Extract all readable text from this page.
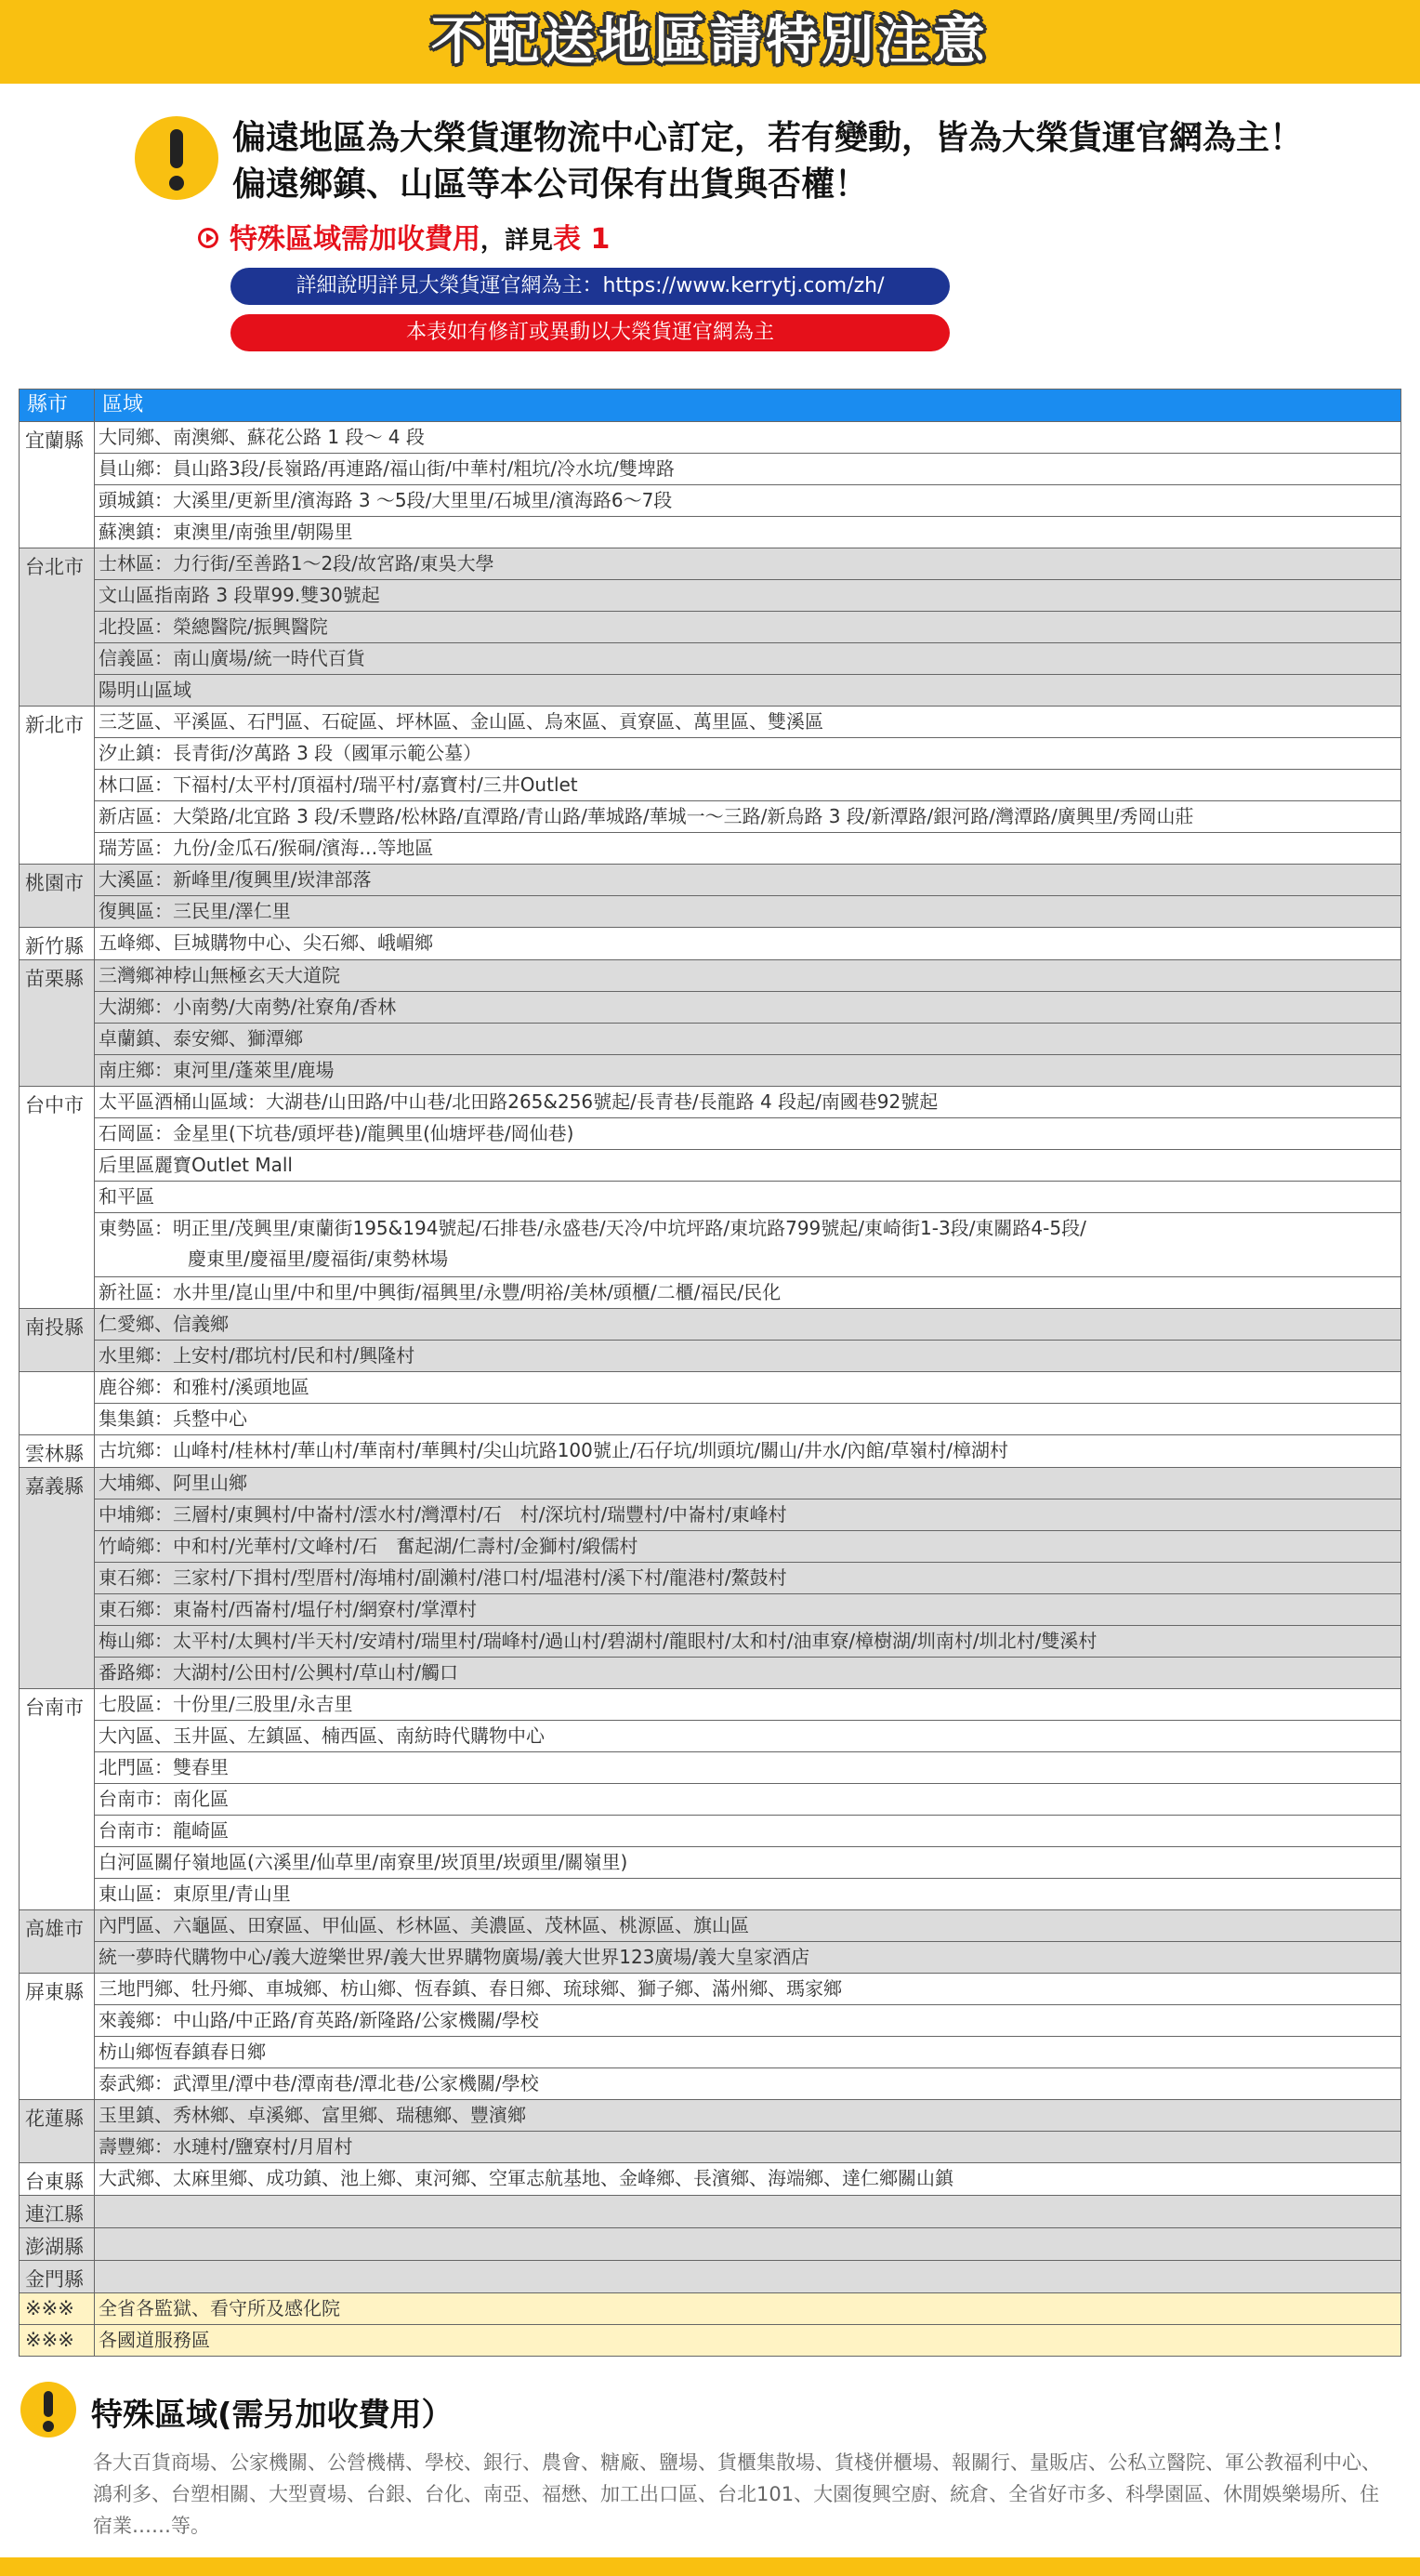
不配送地區請特別注意
偏遠地區為大榮貨運物流中心訂定，若有變動，皆為大榮貨運官網為主！
偏遠鄉鎮、山區等本公司保有出貨與否權！
特殊區域需加收費用，詳見表 1
詳細說明詳見大榮貨運官網為主：https://www.kerrytj.com/zh/
本表如有修訂或異動以大榮貨運官網為主
縣市	區域
宜蘭縣 大同鄉、南澳鄉、蘇花公路 1 段～ 4 段
員山鄉：員山路3段/長嶺路/再連路/福山街/中華村/粗坑/冷水坑/雙埤路
頭城鎮：大溪里/更新里/濱海路 3 ～5段/大里里/石城里/濱海路6～7段
蘇澳鎮：東澳里/南強里/朝陽里
台北市 士林區：力行街/至善路1～2段/故宮路/東吳大學
文山區指南路 3 段單99.雙30號起
北投區：榮總醫院/振興醫院
信義區：南山廣場/統一時代百貨
陽明山區域
新北市 三芝區、平溪區、石門區、石碇區、坪林區、金山區、烏來區、貢寮區、萬里區、雙溪區
汐止鎮：長青街/汐萬路 3 段（國軍示範公墓）
林口區：下福村/太平村/頂福村/瑞平村/嘉寶村/三井Outlet
新店區：大榮路/北宜路 3 段/禾豐路/松林路/直潭路/青山路/華城路/華城一～三路/新烏路 3 段/新潭路/銀河路/灣潭路/廣興里/秀岡山莊
瑞芳區：九份/金瓜石/猴硐/濱海…等地區
桃園市 大溪區：新峰里/復興里/崁津部落
復興區：三民里/澤仁里
新竹縣 五峰鄉、巨城購物中心、尖石鄉、峨嵋鄉
苗栗縣 三灣鄉神桲山無極玄天大道院
大湖鄉：小南勢/大南勢/社寮角/香林
卓蘭鎮、泰安鄉、獅潭鄉
南庄鄉：東河里/蓬萊里/鹿場
台中市 太平區酒桶山區域：大湖巷/山田路/中山巷/北田路265&256號起/長青巷/長龍路 4 段起/南國巷92號起
石岡區：金星里(下坑巷/頭坪巷)/龍興里(仙塘坪巷/岡仙巷)
后里區麗寶Outlet Mall
和平區
東勢區：明正里/茂興里/東蘭街195&194號起/石排巷/永盛巷/天冷/中坑坪路/東坑路799號起/東崎街1-3段/東關路4-5段/
慶東里/慶福里/慶福街/東勢林場
新社區：水井里/崑山里/中和里/中興街/福興里/永豐/明裕/美林/頭櫃/二櫃/福民/民化
南投縣 仁愛鄉、信義鄉
水里鄉：上安村/郡坑村/民和村/興隆村
鹿谷鄉：和雅村/溪頭地區
集集鎮：兵整中心
雲林縣 古坑鄉：山峰村/桂林村/華山村/華南村/華興村/尖山坑路100號止/石仔坑/圳頭坑/關山/井水/內館/草嶺村/樟湖村
嘉義縣 大埔鄉、阿里山鄉
中埔鄉：三層村/東興村/中崙村/澐水村/灣潭村/石　村/深坑村/瑞豐村/中崙村/東峰村
竹崎鄉：中和村/光華村/文峰村/石　奮起湖/仁壽村/金獅村/緞儒村
東石鄉：三家村/下揖村/型厝村/海埔村/副瀨村/港口村/塭港村/溪下村/龍港村/鰲鼓村
東石鄉：東崙村/西崙村/塭仔村/網寮村/掌潭村
梅山鄉：太平村/太興村/半天村/安靖村/瑞里村/瑞峰村/過山村/碧湖村/龍眼村/太和村/油車寮/樟樹湖/圳南村/圳北村/雙溪村
番路鄉：大湖村/公田村/公興村/草山村/觸口
台南市 七股區：十份里/三股里/永吉里
大內區、玉井區、左鎮區、楠西區、南紡時代購物中心
北門區：雙春里
台南市：南化區
台南市：龍崎區
白河區關仔嶺地區(六溪里/仙草里/南寮里/崁頂里/崁頭里/關嶺里)
東山區：東原里/青山里
高雄市 內門區、六龜區、田寮區、甲仙區、杉林區、美濃區、茂林區、桃源區、旗山區
統一夢時代購物中心/義大遊樂世界/義大世界購物廣場/義大世界123廣場/義大皇家酒店
屏東縣 三地門鄉、牡丹鄉、車城鄉、枋山鄉、恆春鎮、春日鄉、琉球鄉、獅子鄉、滿州鄉、瑪家鄉
來義鄉：中山路/中正路/育英路/新隆路/公家機關/學校
枋山鄉恆春鎮春日鄉
泰武鄉：武潭里/潭中巷/潭南巷/潭北巷/公家機關/學校
花蓮縣 玉里鎮、秀林鄉、卓溪鄉、富里鄉、瑞穗鄉、豐濱鄉
壽豐鄉：水璉村/鹽寮村/月眉村
台東縣 大武鄉、太麻里鄉、成功鎮、池上鄉、東河鄉、空軍志航基地、金峰鄉、長濱鄉、海端鄉、達仁鄉關山鎮
連江縣
澎湖縣
金門縣
※※※	全省各監獄、看守所及感化院
※※※	各國道服務區
特殊區域(需另加收費用）
各大百貨商場、公家機關、公營機構、學校、銀行、農會、糖廠、鹽場、貨櫃集散場、貨棧併櫃場、報關行、量販店、公私立醫院、軍公教福利中心、鴻利多、台塑相關、大型賣場、台銀、台化、南亞、福懋、加工出口區、台北101、大園復興空廚、統倉、全省好市多、科學園區、休閒娛樂場所、住宿業……等。
